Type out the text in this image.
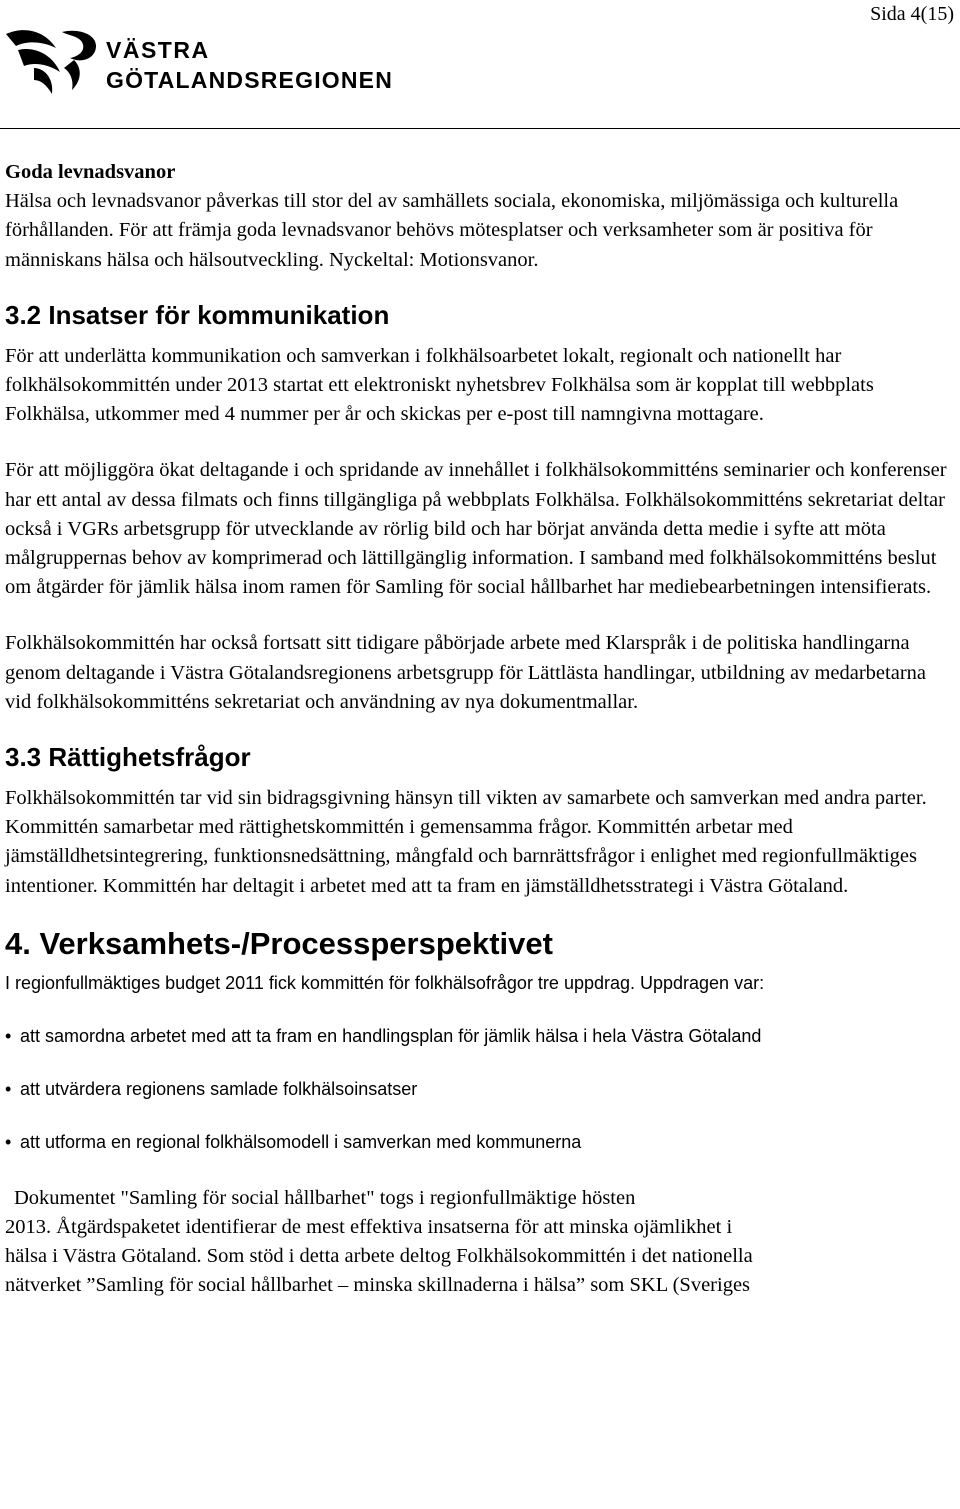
Sida 4(15)
VÄSTRA
GÖTALANDSREGIONEN

Goda levnadsvanor

Hälsa och levnadsvanor påverkas till stor del av samhällets sociala, ekonomiska, miljömässiga och kulturella förhållanden. För att främja goda levnadsvanor behövs mötesplatser och verksamheter som är positiva för människans hälsa och hälsoutveckling. Nyckeltal: Motionsvanor.

3.2 Insatser för kommunikation

För att underlätta kommunikation och samverkan i folkhälsoarbetet lokalt, regionalt och nationellt har folkhälsokommittén under 2013 startat ett elektroniskt nyhetsbrev Folkhälsa som är kopplat till webbplats Folkhälsa, utkommer med 4 nummer per år och skickas per e-post till namngivna mottagare.

För att möjliggöra ökat deltagande i och spridande av innehållet i folkhälsokommitténs seminarier och konferenser har ett antal av dessa filmats och finns tillgängliga på webbplats Folkhälsa. Folkhälsokommitténs sekretariat deltar också i VGRs arbetsgrupp för utvecklande av rörlig bild och har börjat använda detta medie i syfte att möta målgruppernas behov av komprimerad och lättillgänglig information. I samband med folkhälsokommitténs beslut om åtgärder för jämlik hälsa inom ramen för Samling för social hållbarhet har mediebearbetningen intensifierats.

Folkhälsokommittén har också fortsatt sitt tidigare påbörjade arbete med Klarspråk i de politiska handlingarna genom deltagande i Västra Götalandsregionens arbetsgrupp för Lättlästa handlingar, utbildning av medarbetarna vid folkhälsokommitténs sekretariat och användning av nya dokumentmallar.

3.3 Rättighetsfrågor

Folkhälsokommittén tar vid sin bidragsgivning hänsyn till vikten av samarbete och samverkan med andra parter. Kommittén samarbetar med rättighetskommittén i gemensamma frågor. Kommittén arbetar med jämställdhetsintegrering, funktionsnedsättning, mångfald och barnrättsfrågor i enlighet med regionfullmäktiges intentioner. Kommittén har deltagit i arbetet med att ta fram en jämställdhetsstrategi i Västra Götaland.

4. Verksamhets-/Processperspektivet

I regionfullmäktiges budget 2011 fick kommittén för folkhälsofrågor tre uppdrag. Uppdragen var:

• att samordna arbetet med att ta fram en handlingsplan för jämlik hälsa i hela Västra Götaland
• att utvärdera regionens samlade folkhälsoinsatser
• att utforma en regional folkhälsomodell i samverkan med kommunerna

Dokumentet "Samling för social hållbarhet" togs i regionfullmäktige hösten
2013. Åtgärdspaketet identifierar de mest effektiva insatserna för att minska ojämlikhet i
hälsa i Västra Götaland. Som stöd i detta arbete deltog Folkhälsokommittén i det nationella
nätverket ”Samling för social hållbarhet – minska skillnaderna i hälsa” som SKL (Sveriges
